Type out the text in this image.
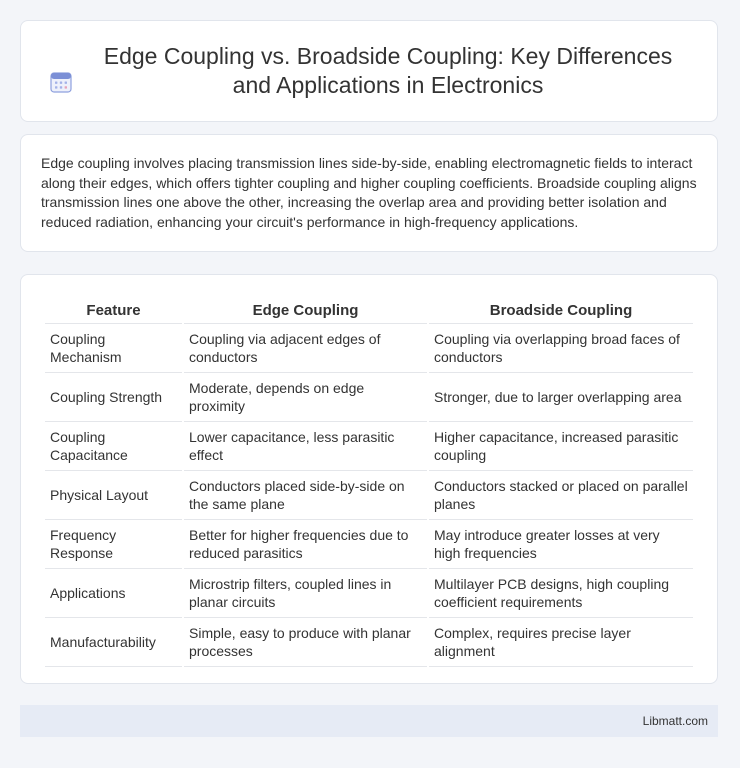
Edge Coupling vs. Broadside Coupling: Key Differences and Applications in Electronics

Edge coupling involves placing transmission lines side-by-side, enabling electromagnetic fields to interact along their edges, which offers tighter coupling and higher coupling coefficients. Broadside coupling aligns transmission lines one above the other, increasing the overlap area and providing better isolation and reduced radiation, enhancing your circuit's performance in high-frequency applications.

Feature	Edge Coupling	Broadside Coupling
Coupling Mechanism	Coupling via adjacent edges of conductors	Coupling via overlapping broad faces of conductors
Coupling Strength	Moderate, depends on edge proximity	Stronger, due to larger overlapping area
Coupling Capacitance	Lower capacitance, less parasitic effect	Higher capacitance, increased parasitic coupling
Physical Layout	Conductors placed side-by-side on the same plane	Conductors stacked or placed on parallel planes
Frequency Response	Better for higher frequencies due to reduced parasitics	May introduce greater losses at very high frequencies
Applications	Microstrip filters, coupled lines in planar circuits	Multilayer PCB designs, high coupling coefficient requirements
Manufacturability	Simple, easy to produce with planar processes	Complex, requires precise layer alignment
Libmatt.com
